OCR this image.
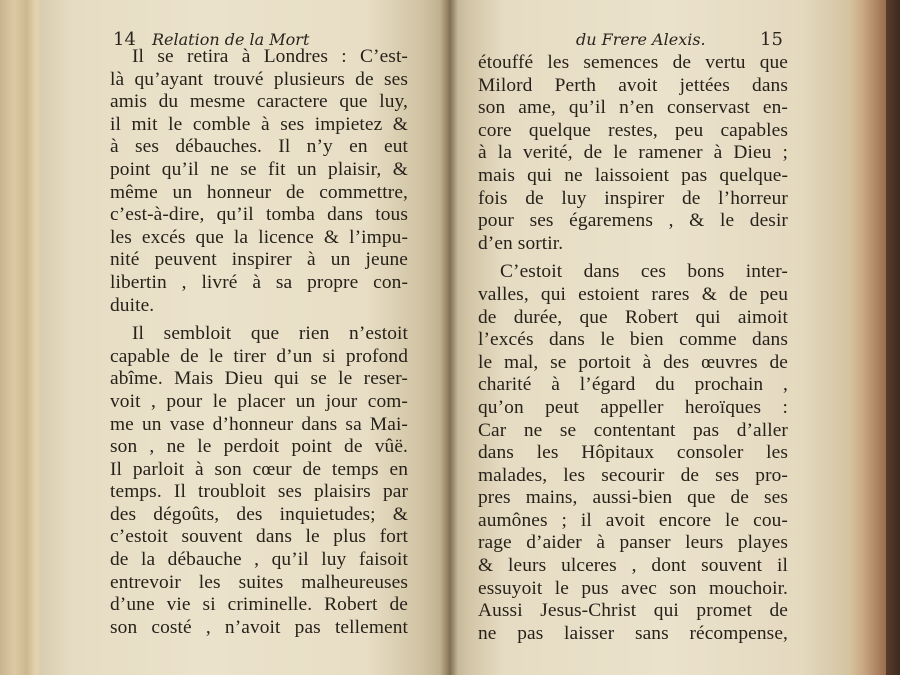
14 Relation de la Mort
Il se retira à Londres : C’est-
là qu’ayant trouvé plusieurs de ses
amis du mesme caractere que luy,
il mit le comble à ses impietez &
à ses débauches. Il n’y en eut
point qu’il ne se fit un plaisir, &
même un honneur de commettre,
c’est-à-dire, qu’il tomba dans tous
les excés que la licence & l’impu-
nité peuvent inspirer à un jeune
libertin , livré à sa propre con-
duite.
Il sembloit que rien n’estoit
capable de le tirer d’un si profond
abîme. Mais Dieu qui se le reser-
voit , pour le placer un jour com-
me un vase d’honneur dans sa Mai-
son , ne le perdoit point de vûë.
Il parloit à son cœur de temps en
temps. Il troubloit ses plaisirs par
des dégoûts, des inquietudes; &
c’estoit souvent dans le plus fort
de la débauche , qu’il luy faisoit
entrevoir les suites malheureuses
d’une vie si criminelle. Robert de
son costé , n’avoit pas tellement
du Frere Alexis.	15
étouffé les semences de vertu que
Milord Perth avoit jettées dans
son ame, qu’il n’en conservast en-
core quelque restes, peu capables
à la verité, de le ramener à Dieu ;
mais qui ne laissoient pas quelque-
fois de luy inspirer de l’horreur
pour ses égaremens , & le desir
d’en sortir.
C’estoit dans ces bons inter-
valles, qui estoient rares & de peu
de durée, que Robert qui aimoit
l’excés dans le bien comme dans
le mal, se portoit à des œuvres de
charité à l’égard du prochain ,
qu’on peut appeller heroïques :
Car ne se contentant pas d’aller
dans les Hôpitaux consoler les
malades, les secourir de ses pro-
pres mains, aussi-bien que de ses
aumônes ; il avoit encore le cou-
rage d’aider à panser leurs playes
& leurs ulceres , dont souvent il
essuyoit le pus avec son mouchoir.
Aussi Jesus-Christ qui promet de
ne pas laisser sans récompense,
